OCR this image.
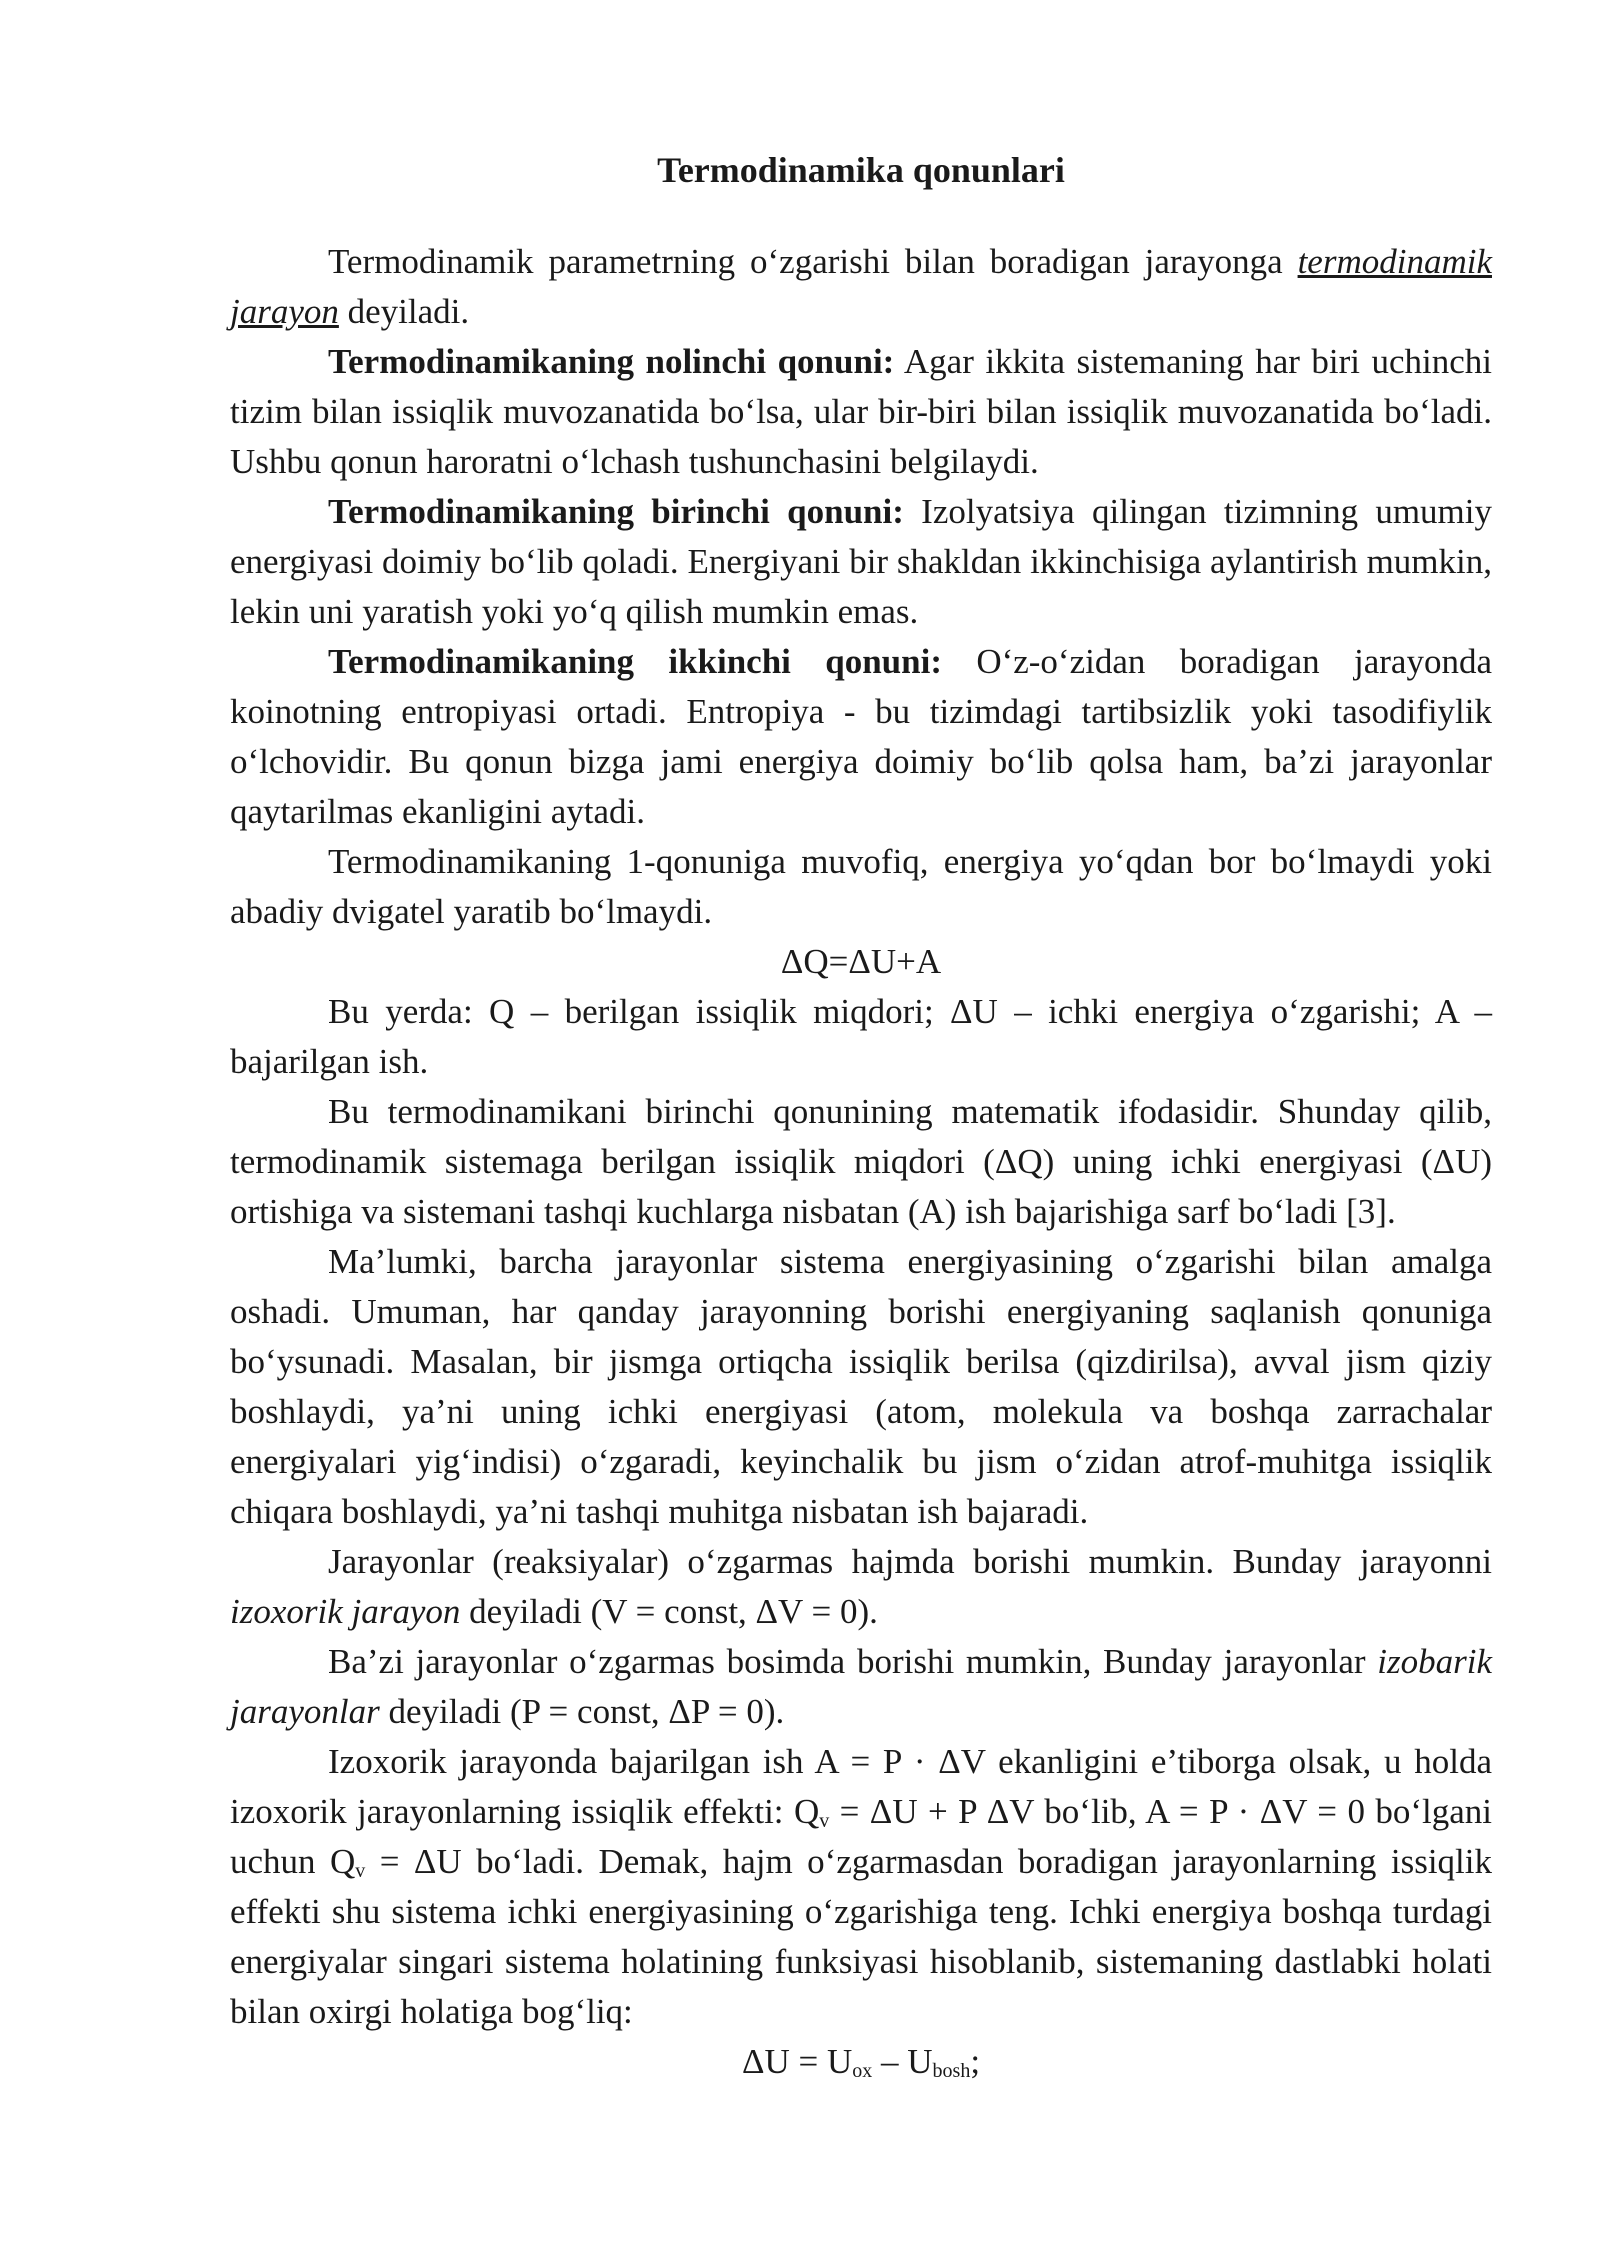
Termodinamika qonunlari

Termodinamik parametrning o‘zgarishi bilan boradigan jarayonga termodinamik jarayon deyiladi.

Termodinamikaning nolinchi qonuni: Agar ikkita sistemaning har biri uchinchi tizim bilan issiqlik muvozanatida bo‘lsa, ular bir-biri bilan issiqlik muvozanatida bo‘ladi. Ushbu qonun haroratni o‘lchash tushunchasini belgilaydi.

Termodinamikaning birinchi qonuni: Izolyatsiya qilingan tizimning umumiy energiyasi doimiy bo‘lib qoladi. Energiyani bir shakldan ikkinchisiga aylantirish mumkin, lekin uni yaratish yoki yo‘q qilish mumkin emas.

Termodinamikaning ikkinchi qonuni: O‘z-o‘zidan boradigan jarayonda koinotning entropiyasi ortadi. Entropiya - bu tizimdagi tartibsizlik yoki tasodifiylik o‘lchovidir. Bu qonun bizga jami energiya doimiy bo‘lib qolsa ham, ba’zi jarayonlar qaytarilmas ekanligini aytadi.

Termodinamikaning 1-qonuniga muvofiq, energiya yo‘qdan bor bo‘lmaydi yoki abadiy dvigatel yaratib bo‘lmaydi.

ΔQ=ΔU+A

Bu yerda: Q – berilgan issiqlik miqdori; ΔU – ichki energiya o‘zgarishi; A – bajarilgan ish.

Bu termodinamikani birinchi qonunining matematik ifodasidir. Shunday qilib, termodinamik sistemaga berilgan issiqlik miqdori (ΔQ) uning ichki energiyasi (ΔU) ortishiga va sistemani tashqi kuchlarga nisbatan (A) ish bajarishiga sarf bo‘ladi [3].

Ma’lumki, barcha jarayonlar sistema energiyasining o‘zgarishi bilan amalga oshadi. Umuman, har qanday jarayonning borishi energiyaning saqlanish qonuniga bo‘ysunadi. Masalan, bir jismga ortiqcha issiqlik berilsa (qizdirilsa), avval jism qiziy boshlaydi, ya’ni uning ichki energiyasi (atom, molekula va boshqa zarrachalar energiyalari yig‘indisi) o‘zgaradi, keyinchalik bu jism o‘zidan atrof-muhitga issiqlik chiqara boshlaydi, ya’ni tashqi muhitga nisbatan ish bajaradi.

Jarayonlar (reaksiyalar) o‘zgarmas hajmda borishi mumkin. Bunday jarayonni izoxorik jarayon deyiladi (V = const, ΔV = 0).

Ba’zi jarayonlar o‘zgarmas bosimda borishi mumkin, Bunday jarayonlar izobarik jarayonlar deyiladi (P = const, ΔP = 0).

Izoxorik jarayonda bajarilgan ish A = P · ΔV ekanligini e’tiborga olsak, u holda izoxorik jarayonlarning issiqlik effekti: $Q_v = \Delta U + P$ ΔV bo‘lib, A = P · ΔV = 0 bo‘lgani uchun $Q_v = \Delta U$ bo‘ladi. Demak, hajm o‘zgarmasdan boradigan jarayonlarning issiqlik effekti shu sistema ichki energiyasining o‘zgarishiga teng. Ichki energiya boshqa turdagi energiyalar singari sistema holatining funksiyasi hisoblanib, sistemaning dastlabki holati bilan oxirgi holatiga bog‘liq:

$\Delta U = U_{ox} - U_{bosh}$;
